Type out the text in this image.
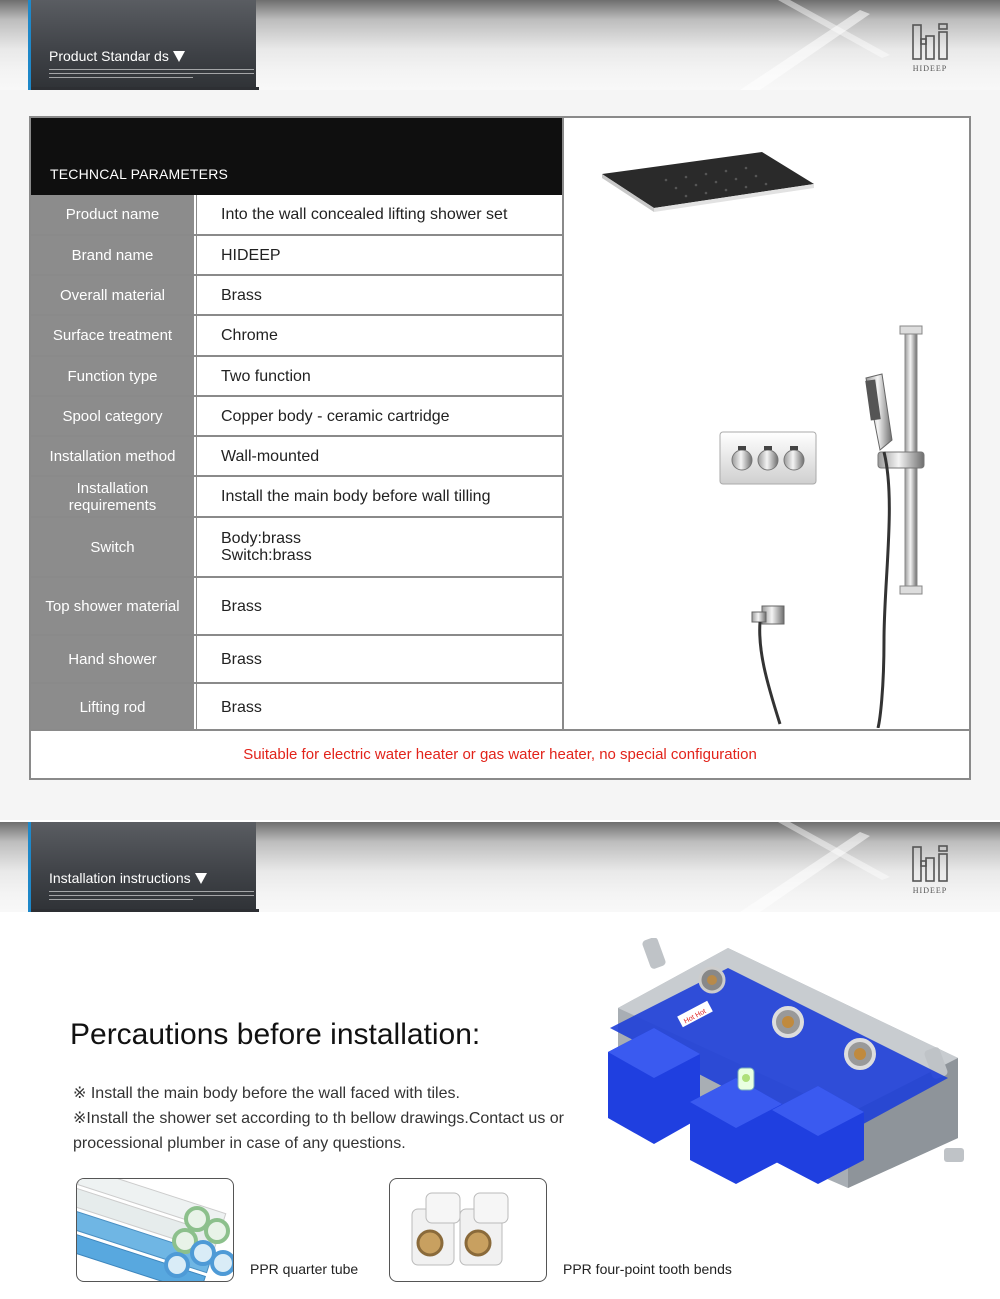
Product Standar ds
HIDEEP
TECHNCAL PARAMETERS
Product name	Into the wall concealed lifting shower set
Brand name	HIDEEP
Overall material	Brass
Surface treatment	Chrome
Function type	Two function
Spool category	Copper body - ceramic cartridge
Installation method	Wall-mounted
Installation requirements	Install the main body before wall tilling
Switch	Body:brass
Switch:brass
Top shower material	Brass
Hand shower	Brass
Lifting rod	Brass
Suitable for electric water heater or gas water heater, no special configuration
Installation instructions
HIDEEP
Percautions before installation:

※ Install the main body before the wall faced with tiles.

※Install the shower set according to th bellow drawings.Contact us or processional plumber in case of any questions.

Hot Hot
PPR quarter tube	PPR four-point tooth bends
